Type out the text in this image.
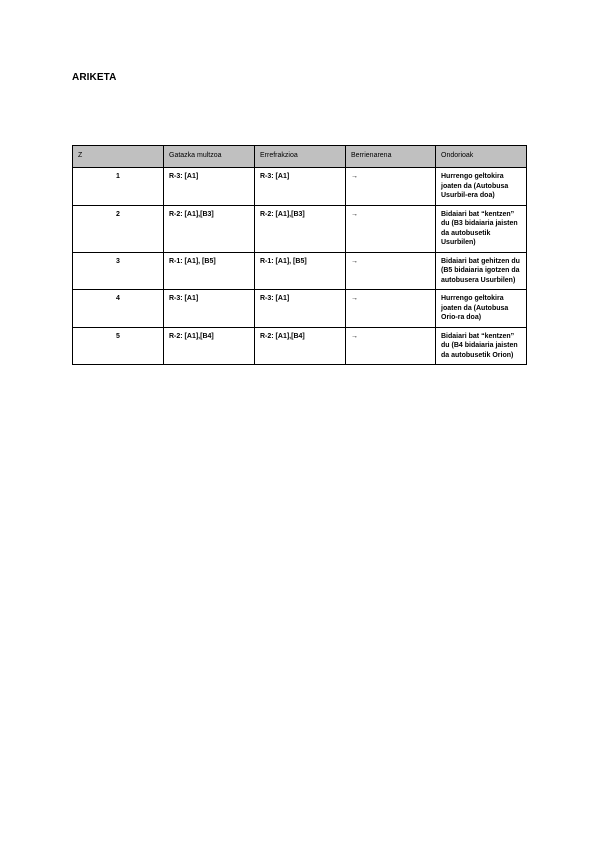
ARIKETA
Z	Gatazka multzoa	Errefrakzioa	Berrienarena	Ondorioak
1	R-3: [A1]	R-3: [A1]	→	Hurrengo geltokira joaten da (Autobusa Usurbil-era doa)
2	R-2: [A1],[B3]	R-2: [A1],[B3]	→	Bidaiari bat “kentzen” du (B3 bidaiaria jaisten da autobusetik Usurbilen)
3	R-1: [A1], [B5]	R-1: [A1], [B5]	→	Bidaiari bat gehitzen du (B5 bidaiaria igotzen da autobusera Usurbilen)
4	R-3: [A1]	R-3: [A1]	→	Hurrengo geltokira joaten da (Autobusa Orio-ra doa)
5	R-2: [A1],[B4]	R-2: [A1],[B4]	→	Bidaiari bat “kentzen” du (B4 bidaiaria jaisten da autobusetik Orion)
